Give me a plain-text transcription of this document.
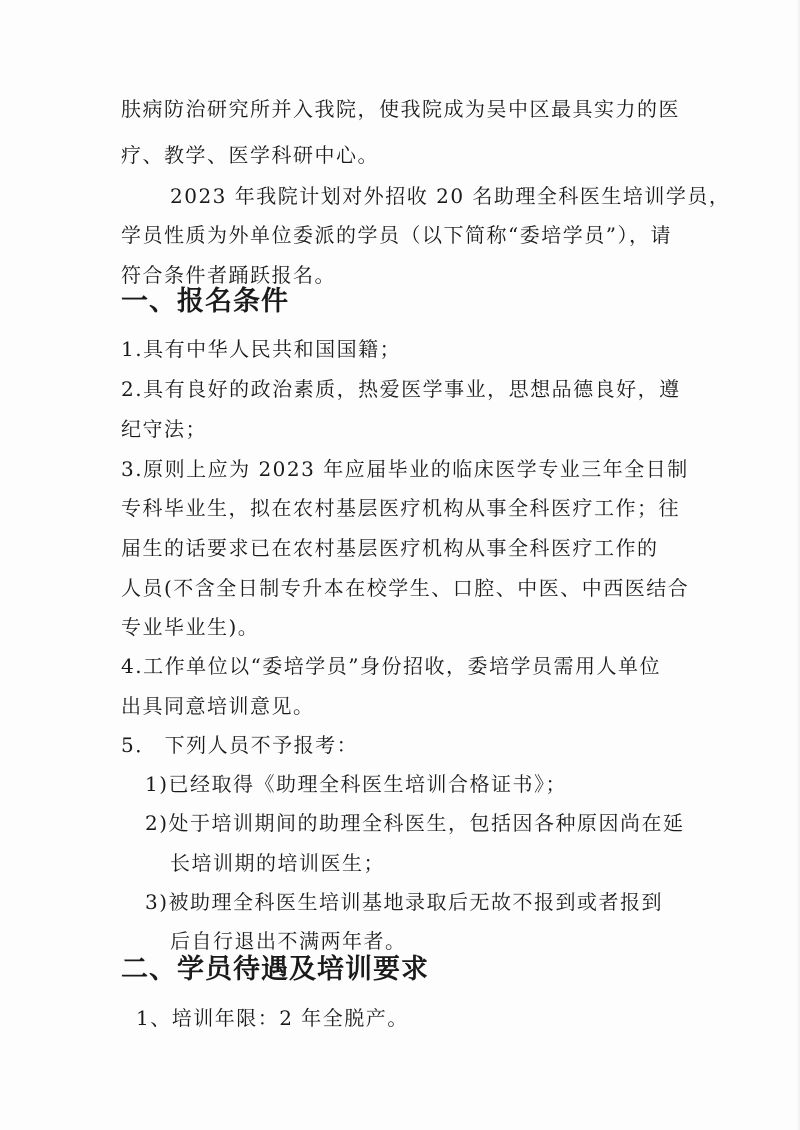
肤病防治研究所并入我院，使我院成为吴中区最具实力的医
疗、教学、医学科研中心。
2023 年我院计划对外招收 20 名助理全科医生培训学员，
学员性质为外单位委派的学员（以下简称“委培学员”），请
符合条件者踊跃报名。
一、报名条件
1.具有中华人民共和国国籍；
2.具有良好的政治素质，热爱医学事业，思想品德良好，遵
纪守法；
3.原则上应为 2023 年应届毕业的临床医学专业三年全日制
专科毕业生，拟在农村基层医疗机构从事全科医疗工作；往
届生的话要求已在农村基层医疗机构从事全科医疗工作的
人员(不含全日制专升本在校学生、口腔、中医、中西医结合
专业毕业生)。
4.工作单位以“委培学员”身份招收，委培学员需用人单位
出具同意培训意见。
5． 下列人员不予报考：
1)已经取得《助理全科医生培训合格证书》；
2)处于培训期间的助理全科医生，包括因各种原因尚在延
长培训期的培训医生；
3)被助理全科医生培训基地录取后无故不报到或者报到
后自行退出不满两年者。
二、学员待遇及培训要求
1、培训年限：2 年全脱产。
